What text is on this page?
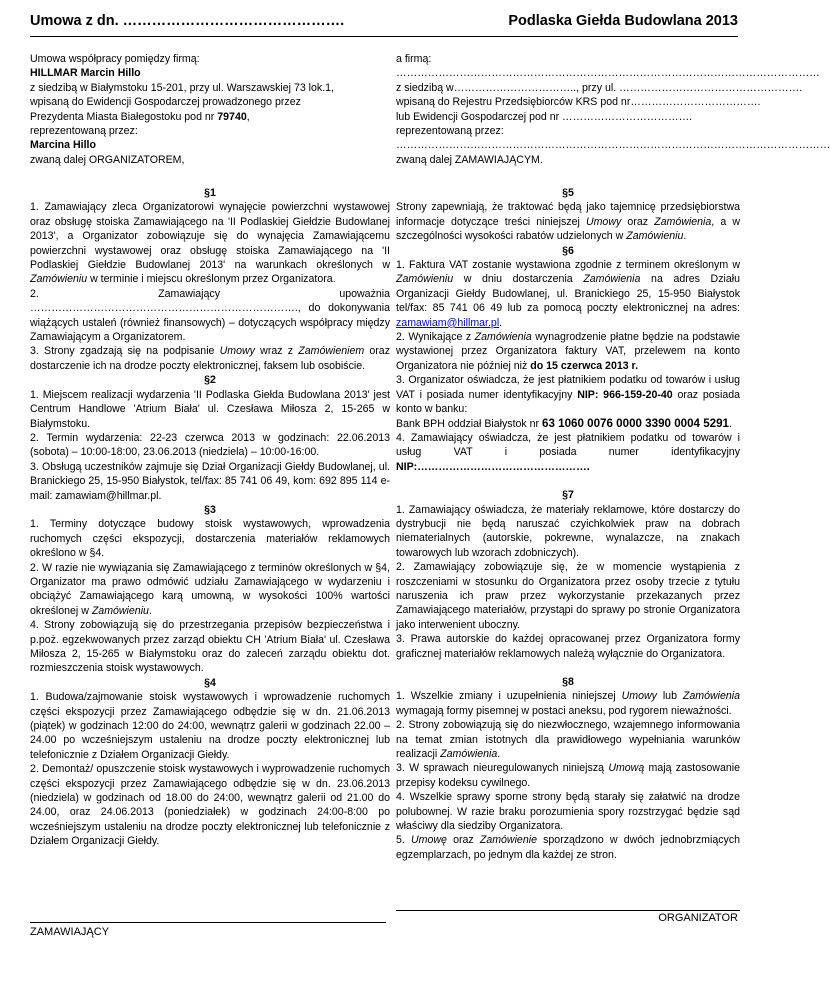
Umowa z dn. ……………………………………….	Podlaska Giełda Budowlana 2013

Umowa współpracy pomiędzy firmą:

HILLMAR Marcin Hillo

z siedzibą w Białymstoku 15-201, przy ul. Warszawskiej 73 lok.1,

wpisaną do Ewidencji Gospodarczej prowadzonego przez

Prezydenta Miasta Białegostoku pod nr 79740,

reprezentowaną przez:

Marcina Hillo

zwaną dalej ORGANIZATOREM,

a firmą:

…………………………………………………………………………………………………………

z siedzibą w…………………………….., przy ul. …………………………………………….

wpisaną do Rejestru Przedsiębiorców KRS pod nr……………………………….

lub Ewidencji Gospodarczej pod nr ……………………………….

reprezentowaną przez:

……………………………………………………………………………………………………………

zwaną dalej ZAMAWIAJĄCYM.

§1

1. Zamawiający zleca Organizatorowi wynajęcie powierzchni wystawowej oraz obsługę stoiska Zamawiającego na 'II Podlaskiej Giełdzie Budowlanej 2013', a Organizator zobowiązuje się do wynajęcia Zamawiającemu powierzchni wystawowej oraz obsługę stoiska Zamawiającego na 'II Podlaskiej Giełdzie Budowlanej 2013' na warunkach określonych w Zamówieniu w terminie i miejscu określonym przez Organizatora.

2. Zamawiający upoważnia …………………………………………………………………., do dokonywania wiążących ustaleń (również finansowych) – dotyczących współpracy między Zamawiającym a Organizatorem.

3. Strony zgadzają się na podpisanie Umowy wraz z Zamówieniem oraz dostarczenie ich na drodze poczty elektronicznej, faksem lub osobiście.

§2

1. Miejscem realizacji wydarzenia 'II Podlaska Giełda Budowlana 2013' jest Centrum Handlowe 'Atrium Biała' ul. Czesława Miłosza 2, 15-265 w Białymstoku.

2. Termin wydarzenia: 22-23 czerwca 2013 w godzinach: 22.06.2013 (sobota) – 10:00-18:00, 23.06.2013 (niedziela) – 10:00-16:00.

3. Obsługą uczestników zajmuje się Dział Organizacji Giełdy Budowlanej, ul. Branickiego 25, 15-950 Białystok, tel/fax: 85 741 06 49, kom: 692 895 114 e-mail: zamawiam@hillmar.pl.

§3

1. Terminy dotyczące budowy stoisk wystawowych, wprowadzenia ruchomych części ekspozycji, dostarczenia materiałów reklamowych określono w §4.

2. W razie nie wywiązania się Zamawiającego z terminów określonych w §4, Organizator ma prawo odmówić udziału Zamawiającego w wydarzeniu i obciążyć Zamawiającego karą umowną, w wysokości 100% wartości określonej w Zamówieniu.

4. Strony zobowiązują się do przestrzegania przepisów bezpieczeństwa i p.poż. egzekwowanych przez zarząd obiektu CH 'Atrium Biała' ul. Czesława Miłosza 2, 15-265 w Białymstoku oraz do zaleceń zarządu obiektu dot. rozmieszczenia stoisk wystawowych.

§4

1. Budowa/zajmowanie stoisk wystawowych i wprowadzenie ruchomych części ekspozycji przez Zamawiającego odbędzie się w dn. 21.06.2013 (piątek) w godzinach 12:00 do 24:00, wewnątrz galerii w godzinach 22.00 – 24.00 po wcześniejszym ustaleniu na drodze poczty elektronicznej lub telefonicznie z Działem Organizacji Giełdy.

2. Demontaż/ opuszczenie stoisk wystawowych i wyprowadzenie ruchomych części ekspozycji przez Zamawiającego odbędzie się w dn. 23.06.2013 (niedziela) w godzinach od 18.00 do 24:00, wewnątrz galerii od 21.00 do 24.00, oraz 24.06.2013 (poniedziałek) w godzinach 24:00-8:00 po wcześniejszym ustaleniu na drodze poczty elektronicznej lub telefonicznie z Działem Organizacji Giełdy.

§5

Strony zapewniają, że traktować będą jako tajemnicę przedsiębiorstwa informacje dotyczące treści niniejszej Umowy oraz Zamówienia, a w szczególności wysokości rabatów udzielonych w Zamówieniu.

§6

1. Faktura VAT zostanie wystawiona zgodnie z terminem określonym w Zamówieniu w dniu dostarczenia Zamówienia na adres Działu Organizacji Giełdy Budowlanej, ul. Branickiego 25, 15-950 Białystok tel/fax: 85 741 06 49 lub za pomocą poczty elektronicznej na adres: zamawiam@hillmar.pl.

2. Wynikające z Zamówienia wynagrodzenie płatne będzie na podstawie wystawionej przez Organizatora faktury VAT, przelewem na konto Organizatora nie później niż do 15 czerwca 2013 r.

3. Organizator oświadcza, że jest płatnikiem podatku od towarów i usług VAT i posiada numer identyfikacyjny NIP: 966-159-20-40 oraz posiada konto w banku:

Bank BPH oddział Białystok nr 63 1060 0076 0000 3390 0004 5291.

4. Zamawiający oświadcza, że jest płatnikiem podatku od towarów i usług VAT i posiada numer identyfikacyjny NIP:………………………………………….

§7

1. Zamawiający oświadcza, że materiały reklamowe, które dostarczy do dystrybucji nie będą naruszać czyichkolwiek praw na dobrach niematerialnych (autorskie, pokrewne, wynalazcze, na znakach towarowych lub wzorach zdobniczych).

2. Zamawiający zobowiązuje się, że w momencie wystąpienia z roszczeniami w stosunku do Organizatora przez osoby trzecie z tytułu naruszenia ich praw przez wykorzystanie przekazanych przez Zamawiającego materiałów, przystąpi do sprawy po stronie Organizatora jako interwenient uboczny.

3. Prawa autorskie do każdej opracowanej przez Organizatora formy graficznej materiałów reklamowych należą wyłącznie do Organizatora.

§8

1. Wszelkie zmiany i uzupełnienia niniejszej Umowy lub Zamówienia wymagają formy pisemnej w postaci aneksu, pod rygorem nieważności.

2. Strony zobowiązują się do niezwłocznego, wzajemnego informowania na temat zmian istotnych dla prawidłowego wypełniania warunków realizacji Zamówienia.

3. W sprawach nieuregulowanych niniejszą Umową mają zastosowanie przepisy kodeksu cywilnego.

4. Wszelkie sprawy sporne strony będą starały się załatwić na drodze polubownej. W razie braku porozumienia spory rozstrzygać będzie sąd właściwy dla siedziby Organizatora.

5. Umowę oraz Zamówienie sporządzono w dwóch jednobrzmiących egzemplarzach, po jednym dla każdej ze stron.

ORGANIZATOR
ZAMAWIAJĄCY
